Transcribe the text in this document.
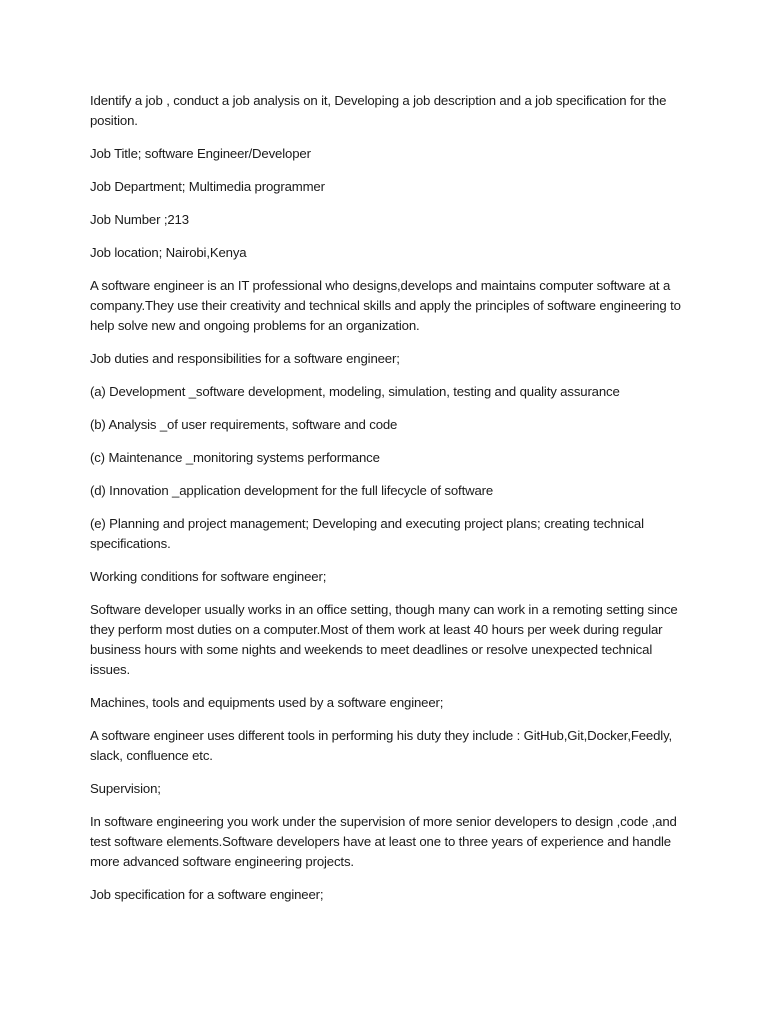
Identify a job , conduct a job analysis on it, Developing a job description and a job specification for the position.

Job Title; software Engineer/Developer

Job Department; Multimedia programmer

Job Number ;213

Job location; Nairobi,Kenya

A software engineer is an IT professional who designs,develops and maintains computer software at a company.They use their creativity and technical skills and apply the principles of software engineering to help solve new and ongoing problems for an organization.

Job duties and responsibilities for a software engineer;

(a) Development _software development, modeling, simulation, testing and quality assurance

(b) Analysis _of user requirements, software and code

(c) Maintenance _monitoring systems performance

(d) Innovation _application development for the full lifecycle of software

(e) Planning and project management; Developing and executing project plans; creating technical specifications.

Working conditions for software engineer;

Software developer usually works in an office setting, though many can work in a remoting setting since they perform most duties on a computer.Most of them work at least 40 hours per week during regular business hours with some nights and weekends to meet deadlines or resolve unexpected technical issues.

Machines, tools and equipments used by a software engineer;

A software engineer uses different tools in performing his duty they include : GitHub,Git,Docker,Feedly, slack, confluence etc.

Supervision;

In software engineering you work under the supervision of more senior developers to design ,code ,and test software elements.Software developers have at least one to three years of experience and handle more advanced software engineering projects.

Job specification for a software engineer;
